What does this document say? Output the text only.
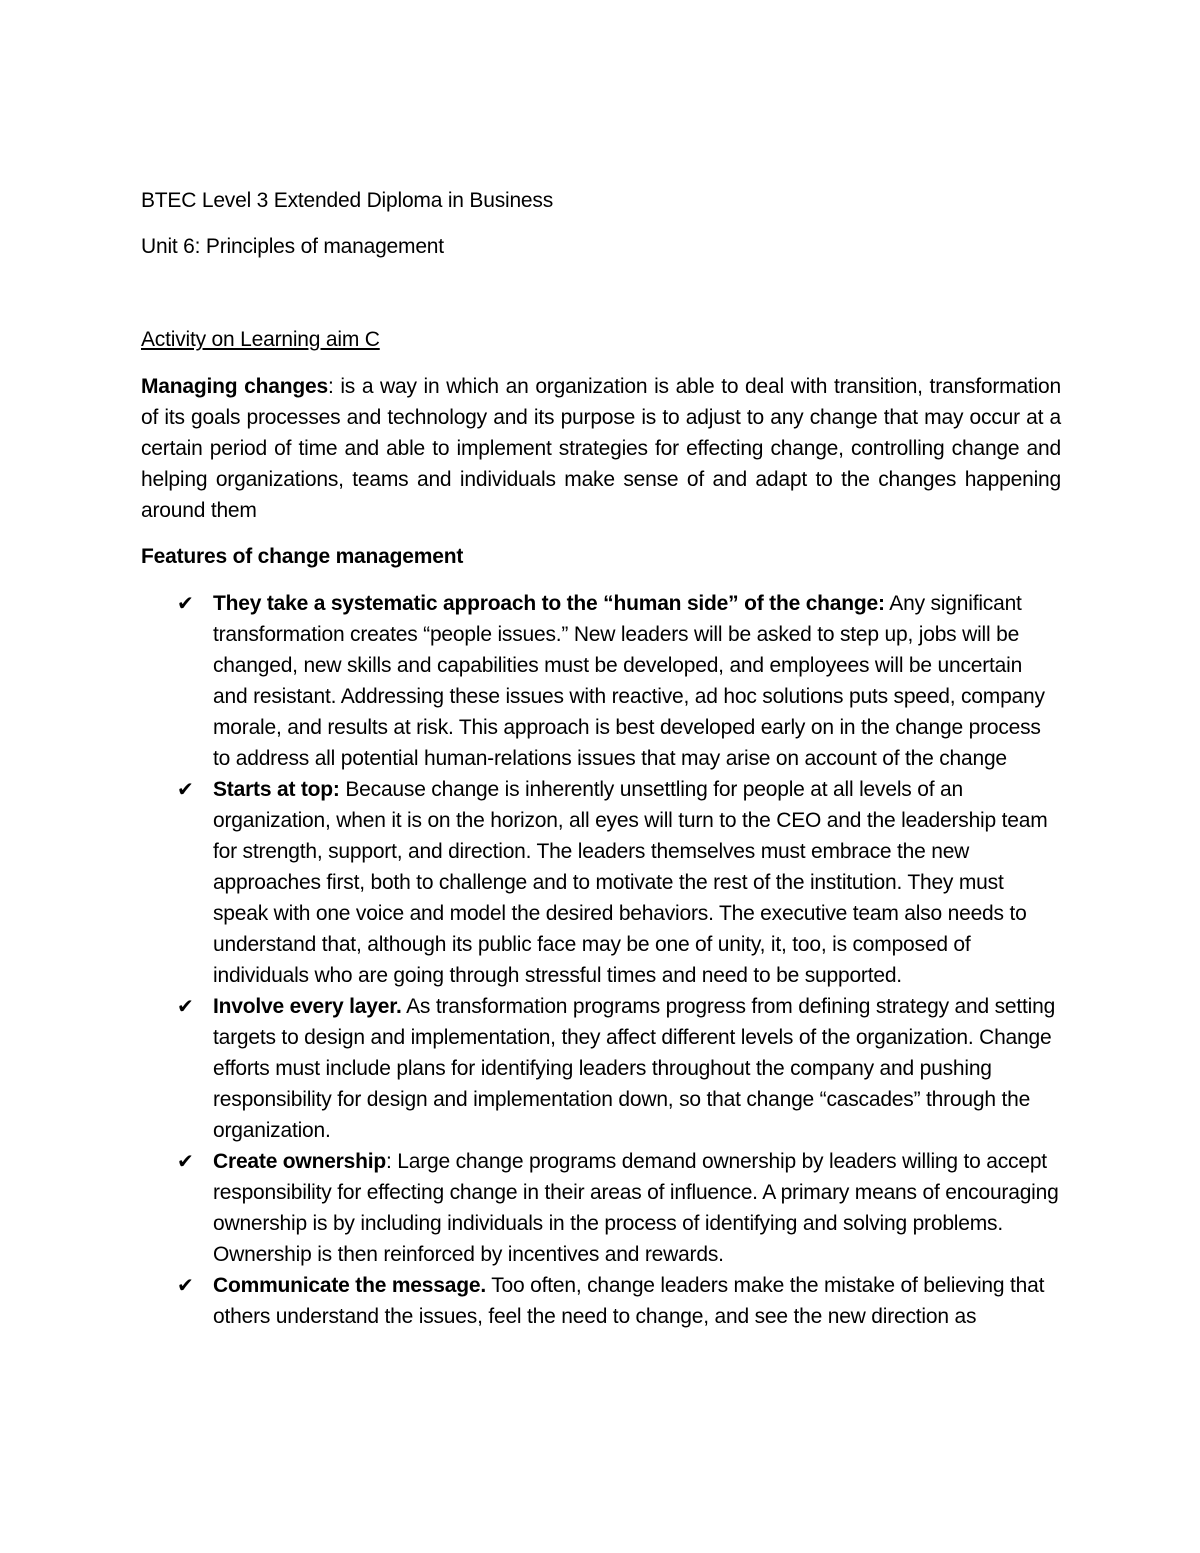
BTEC Level 3 Extended Diploma in Business

Unit 6: Principles of management

Activity on Learning aim C

Managing changes: is a way in which an organization is able to deal with transition, transformation of its goals processes and technology and its purpose is to adjust to any change that may occur at a certain period of time and able to implement strategies for effecting change, controlling change and helping organizations, teams and individuals make sense of and adapt to the changes happening around them

Features of change management

✔ They take a systematic approach to the “human side” of the change: Any significant transformation creates “people issues.” New leaders will be asked to step up, jobs will be changed, new skills and capabilities must be developed, and employees will be uncertain and resistant. Addressing these issues with reactive, ad hoc solutions puts speed, company morale, and results at risk. This approach is best developed early on in the change process to address all potential human-relations issues that may arise on account of the change
✔ Starts at top: Because change is inherently unsettling for people at all levels of an organization, when it is on the horizon, all eyes will turn to the CEO and the leadership team for strength, support, and direction. The leaders themselves must embrace the new approaches first, both to challenge and to motivate the rest of the institution. They must speak with one voice and model the desired behaviors. The executive team also needs to understand that, although its public face may be one of unity, it, too, is composed of individuals who are going through stressful times and need to be supported.
✔ Involve every layer. As transformation programs progress from defining strategy and setting targets to design and implementation, they affect different levels of the organization. Change efforts must include plans for identifying leaders throughout the company and pushing responsibility for design and implementation down, so that change “cascades” through the organization.
✔ Create ownership: Large change programs demand ownership by leaders willing to accept responsibility for effecting change in their areas of influence. A primary means of encouraging ownership is by including individuals in the process of identifying and solving problems. Ownership is then reinforced by incentives and rewards.
✔ Communicate the message. Too often, change leaders make the mistake of believing that others understand the issues, feel the need to change, and see the new direction as
